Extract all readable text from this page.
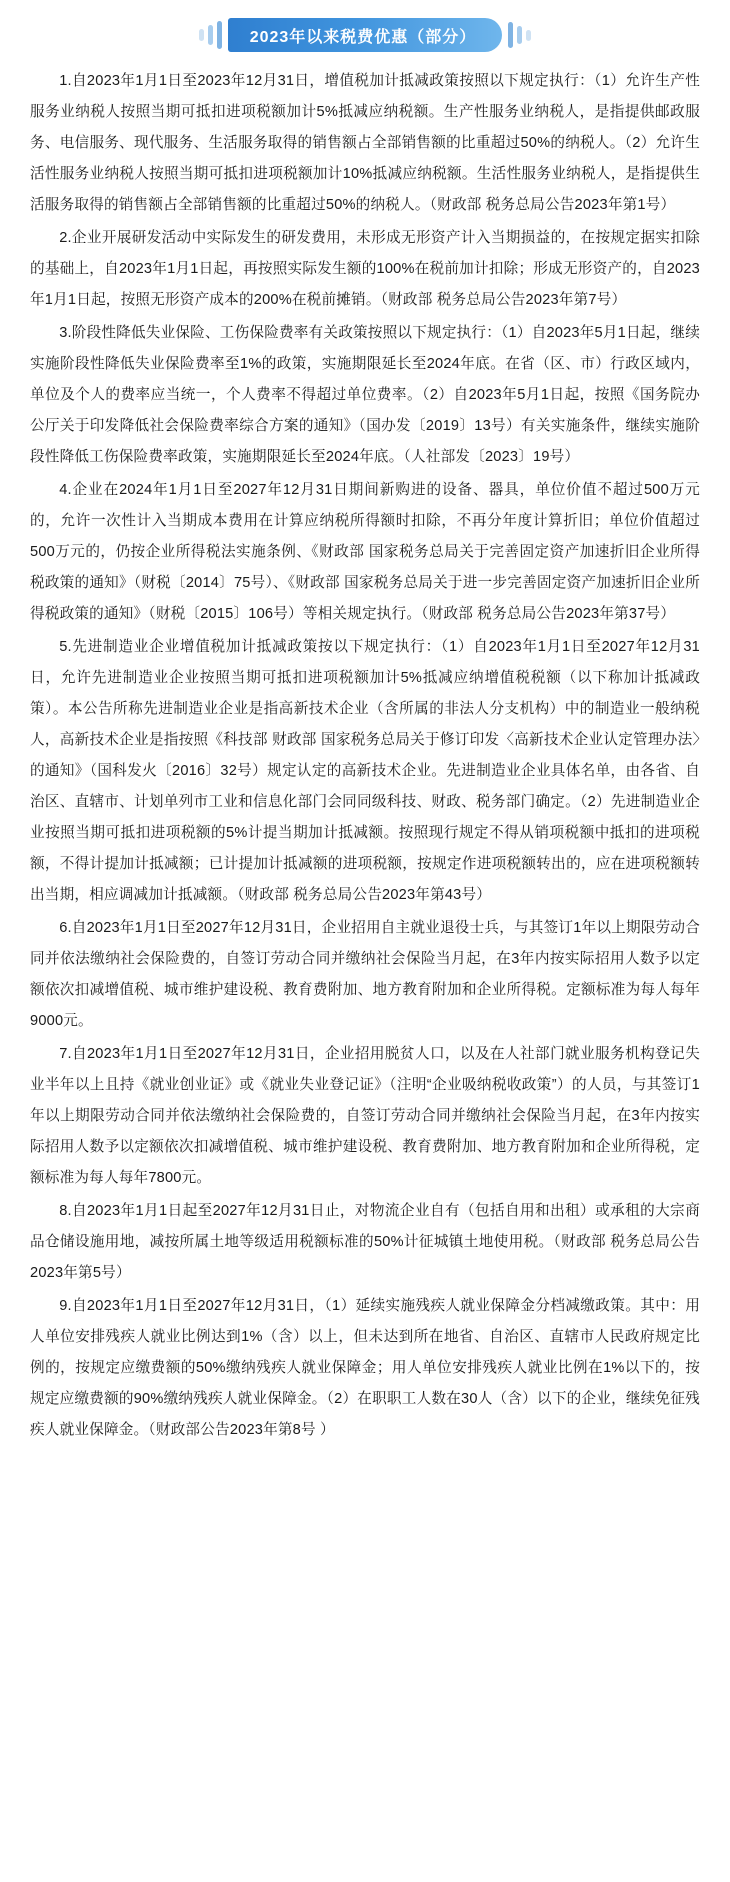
2023年以来税费优惠（部分）

1.自2023年1月1日至2023年12月31日，增值税加计抵减政策按照以下规定执行：（1）允许生产性服务业纳税人按照当期可抵扣进项税额加计5%抵减应纳税额。生产性服务业纳税人，是指提供邮政服务、电信服务、现代服务、生活服务取得的销售额占全部销售额的比重超过50%的纳税人。（2）允许生活性服务业纳税人按照当期可抵扣进项税额加计10%抵减应纳税额。生活性服务业纳税人，是指提供生活服务取得的销售额占全部销售额的比重超过50%的纳税人。（财政部 税务总局公告2023年第1号）

2.企业开展研发活动中实际发生的研发费用，未形成无形资产计入当期损益的，在按规定据实扣除的基础上，自2023年1月1日起，再按照实际发生额的100%在税前加计扣除；形成无形资产的，自2023年1月1日起，按照无形资产成本的200%在税前摊销。（财政部 税务总局公告2023年第7号）

3.阶段性降低失业保险、工伤保险费率有关政策按照以下规定执行：（1）自2023年5月1日起，继续实施阶段性降低失业保险费率至1%的政策，实施期限延长至2024年底。在省（区、市）行政区域内，单位及个人的费率应当统一，个人费率不得超过单位费率。（2）自2023年5月1日起，按照《国务院办公厅关于印发降低社会保险费率综合方案的通知》（国办发〔2019〕13号）有关实施条件，继续实施阶段性降低工伤保险费率政策，实施期限延长至2024年底。（人社部发〔2023〕19号）

4.企业在2024年1月1日至2027年12月31日期间新购进的设备、器具，单位价值不超过500万元的，允许一次性计入当期成本费用在计算应纳税所得额时扣除，不再分年度计算折旧；单位价值超过500万元的，仍按企业所得税法实施条例、《财政部 国家税务总局关于完善固定资产加速折旧企业所得税政策的通知》（财税〔2014〕75号）、《财政部 国家税务总局关于进一步完善固定资产加速折旧企业所得税政策的通知》（财税〔2015〕106号）等相关规定执行。（财政部 税务总局公告2023年第37号）

5.先进制造业企业增值税加计抵减政策按以下规定执行：（1）自2023年1月1日至2027年12月31日，允许先进制造业企业按照当期可抵扣进项税额加计5%抵减应纳增值税税额（以下称加计抵减政策）。本公告所称先进制造业企业是指高新技术企业（含所属的非法人分支机构）中的制造业一般纳税人，高新技术企业是指按照《科技部 财政部 国家税务总局关于修订印发〈高新技术企业认定管理办法〉的通知》（国科发火〔2016〕32号）规定认定的高新技术企业。先进制造业企业具体名单，由各省、自治区、直辖市、计划单列市工业和信息化部门会同同级科技、财政、税务部门确定。（2）先进制造业企业按照当期可抵扣进项税额的5%计提当期加计抵减额。按照现行规定不得从销项税额中抵扣的进项税额，不得计提加计抵减额；已计提加计抵减额的进项税额，按规定作进项税额转出的，应在进项税额转出当期，相应调减加计抵减额。（财政部 税务总局公告2023年第43号）

6.自2023年1月1日至2027年12月31日，企业招用自主就业退役士兵，与其签订1年以上期限劳动合同并依法缴纳社会保险费的，自签订劳动合同并缴纳社会保险当月起，在3年内按实际招用人数予以定额依次扣减增值税、城市维护建设税、教育费附加、地方教育附加和企业所得税。定额标准为每人每年9000元。

7.自2023年1月1日至2027年12月31日，企业招用脱贫人口，以及在人社部门就业服务机构登记失业半年以上且持《就业创业证》或《就业失业登记证》（注明“企业吸纳税收政策”）的人员，与其签订1年以上期限劳动合同并依法缴纳社会保险费的，自签订劳动合同并缴纳社会保险当月起，在3年内按实际招用人数予以定额依次扣减增值税、城市维护建设税、教育费附加、地方教育附加和企业所得税，定额标准为每人每年7800元。

8.自2023年1月1日起至2027年12月31日止，对物流企业自有（包括自用和出租）或承租的大宗商品仓储设施用地，减按所属土地等级适用税额标准的50%计征城镇土地使用税。（财政部 税务总局公告2023年第5号）

9.自2023年1月1日至2027年12月31日，（1）延续实施残疾人就业保障金分档减缴政策。其中：用人单位安排残疾人就业比例达到1%（含）以上，但未达到所在地省、自治区、直辖市人民政府规定比例的，按规定应缴费额的50%缴纳残疾人就业保障金；用人单位安排残疾人就业比例在1%以下的，按规定应缴费额的90%缴纳残疾人就业保障金。（2）在职职工人数在30人（含）以下的企业，继续免征残疾人就业保障金。（财政部公告2023年第8号 ）
